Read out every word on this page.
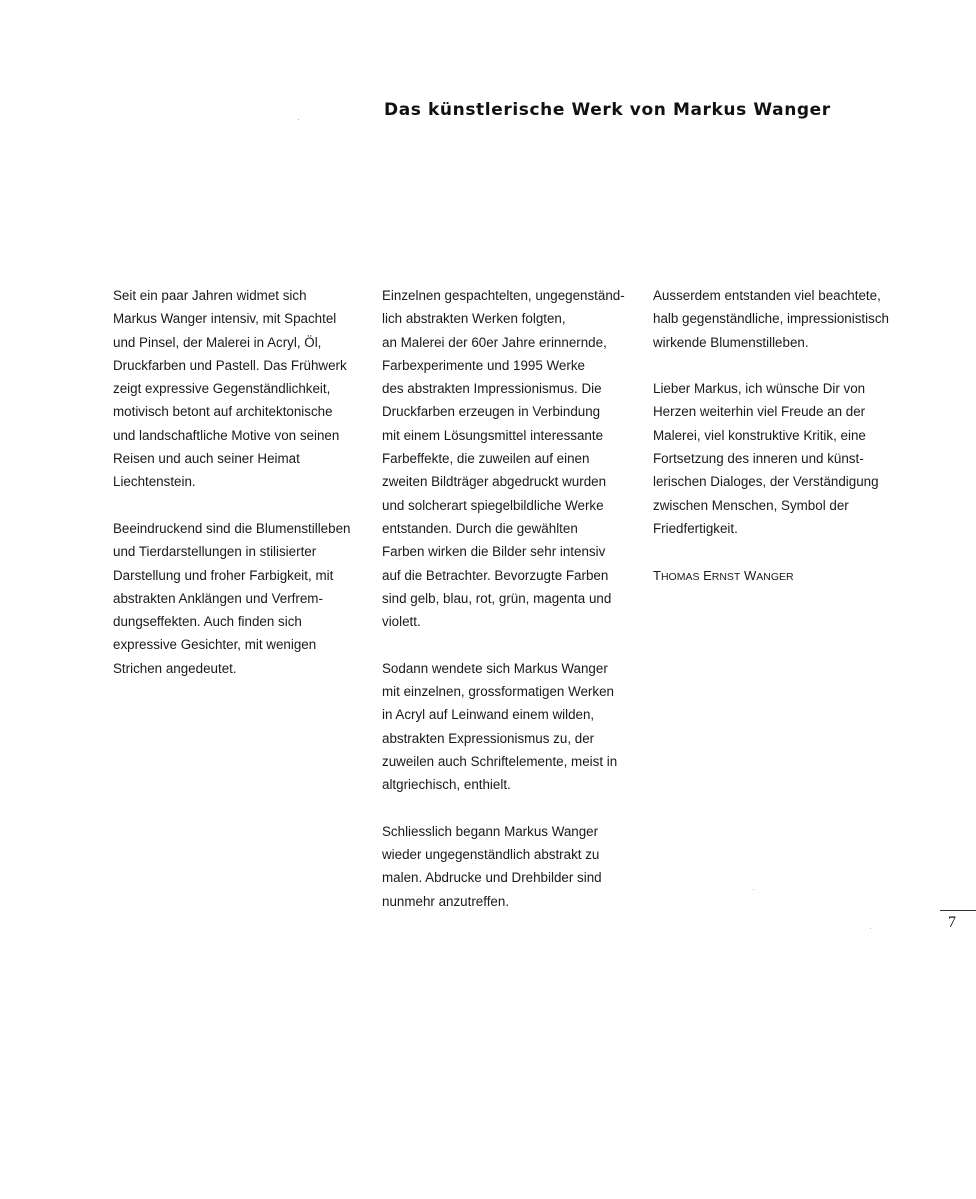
Das künstlerische Werk von Markus Wanger
Seit ein paar Jahren widmet sich
Markus Wanger intensiv, mit Spachtel
und Pinsel, der Malerei in Acryl, Öl,
Druckfarben und Pastell. Das Frühwerk
zeigt expressive Gegenständlichkeit,
motivisch betont auf architektonische
und landschaftliche Motive von seinen
Reisen und auch seiner Heimat
Liechtenstein.
Beeindruckend sind die Blumenstilleben
und Tierdarstellungen in stilisierter
Darstellung und froher Farbigkeit, mit
abstrakten Anklängen und Verfrem-
dungseffekten. Auch finden sich
expressive Gesichter, mit wenigen
Strichen angedeutet.
Einzelnen gespachtelten, ungegenständ-
lich abstrakten Werken folgten,
an Malerei der 60er Jahre erinnernde,
Farbexperimente und 1995 Werke
des abstrakten Impressionismus. Die
Druckfarben erzeugen in Verbindung
mit einem Lösungsmittel interessante
Farbeffekte, die zuweilen auf einen
zweiten Bildträger abgedruckt wurden
und solcherart spiegelbildliche Werke
entstanden. Durch die gewählten
Farben wirken die Bilder sehr intensiv
auf die Betrachter. Bevorzugte Farben
sind gelb, blau, rot, grün, magenta und
violett.
Sodann wendete sich Markus Wanger
mit einzelnen, grossformatigen Werken
in Acryl auf Leinwand einem wilden,
abstrakten Expressionismus zu, der
zuweilen auch Schriftelemente, meist in
altgriechisch, enthielt.
Schliesslich begann Markus Wanger
wieder ungegenständlich abstrakt zu
malen. Abdrucke und Drehbilder sind
nunmehr anzutreffen.
Ausserdem entstanden viel beachtete,
halb gegenständliche, impressionistisch
wirkende Blumenstilleben.
Lieber Markus, ich wünsche Dir von
Herzen weiterhin viel Freude an der
Malerei, viel konstruktive Kritik, eine
Fortsetzung des inneren und künst-
lerischen Dialoges, der Verständigung
zwischen Menschen, Symbol der
Friedfertigkeit.
THOMAS ERNST WANGER
7
